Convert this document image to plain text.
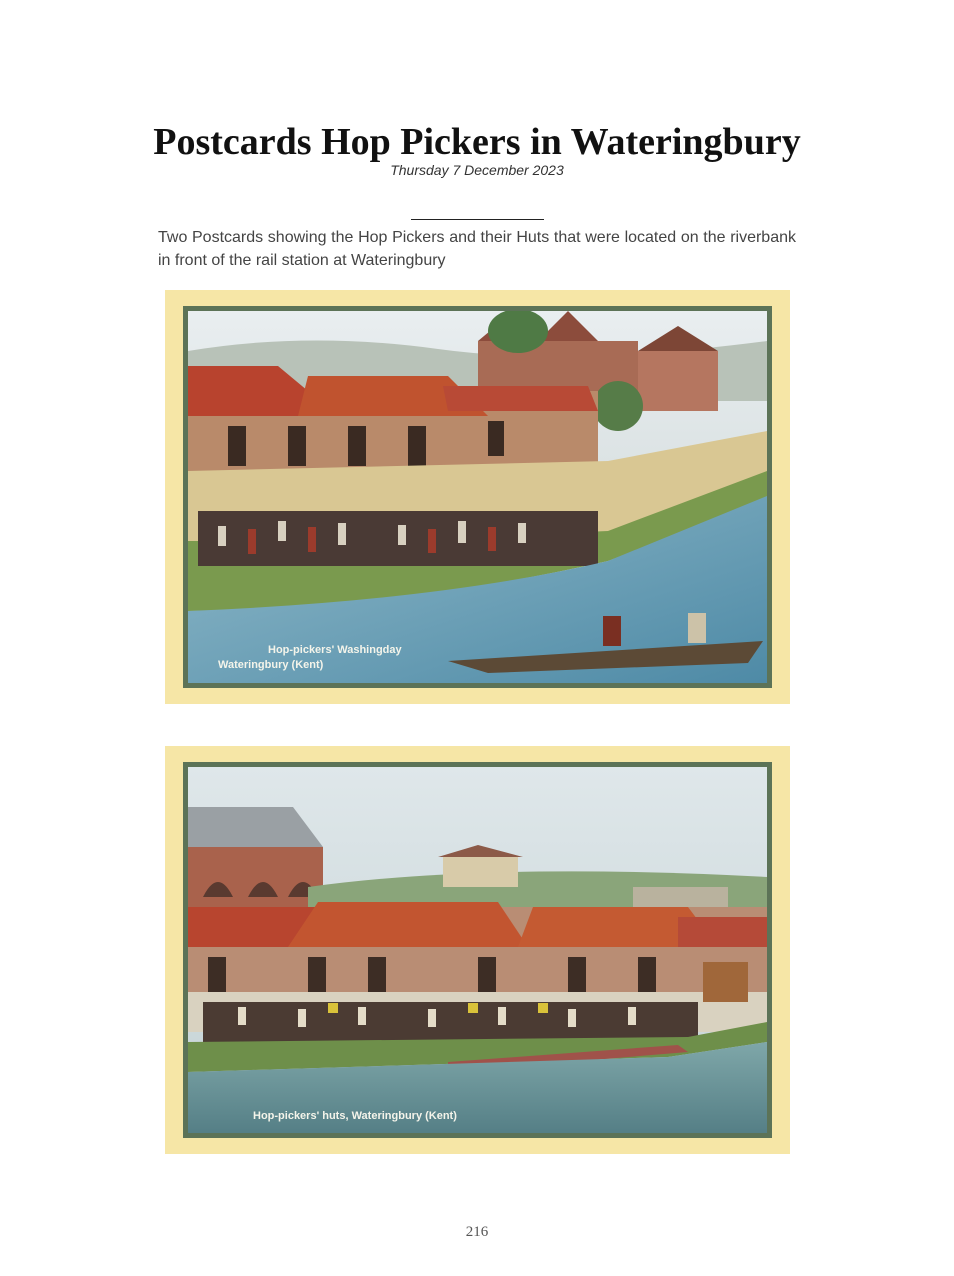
Postcards Hop Pickers in Wateringbury
Thursday 7 December 2023

Two Postcards showing the Hop Pickers and their Huts that were located on the riverbank in front of the rail station at Wateringbury

Hop-pickers' Washingday
Wateringbury (Kent)
Hop-pickers' huts, Wateringbury (Kent)
216
